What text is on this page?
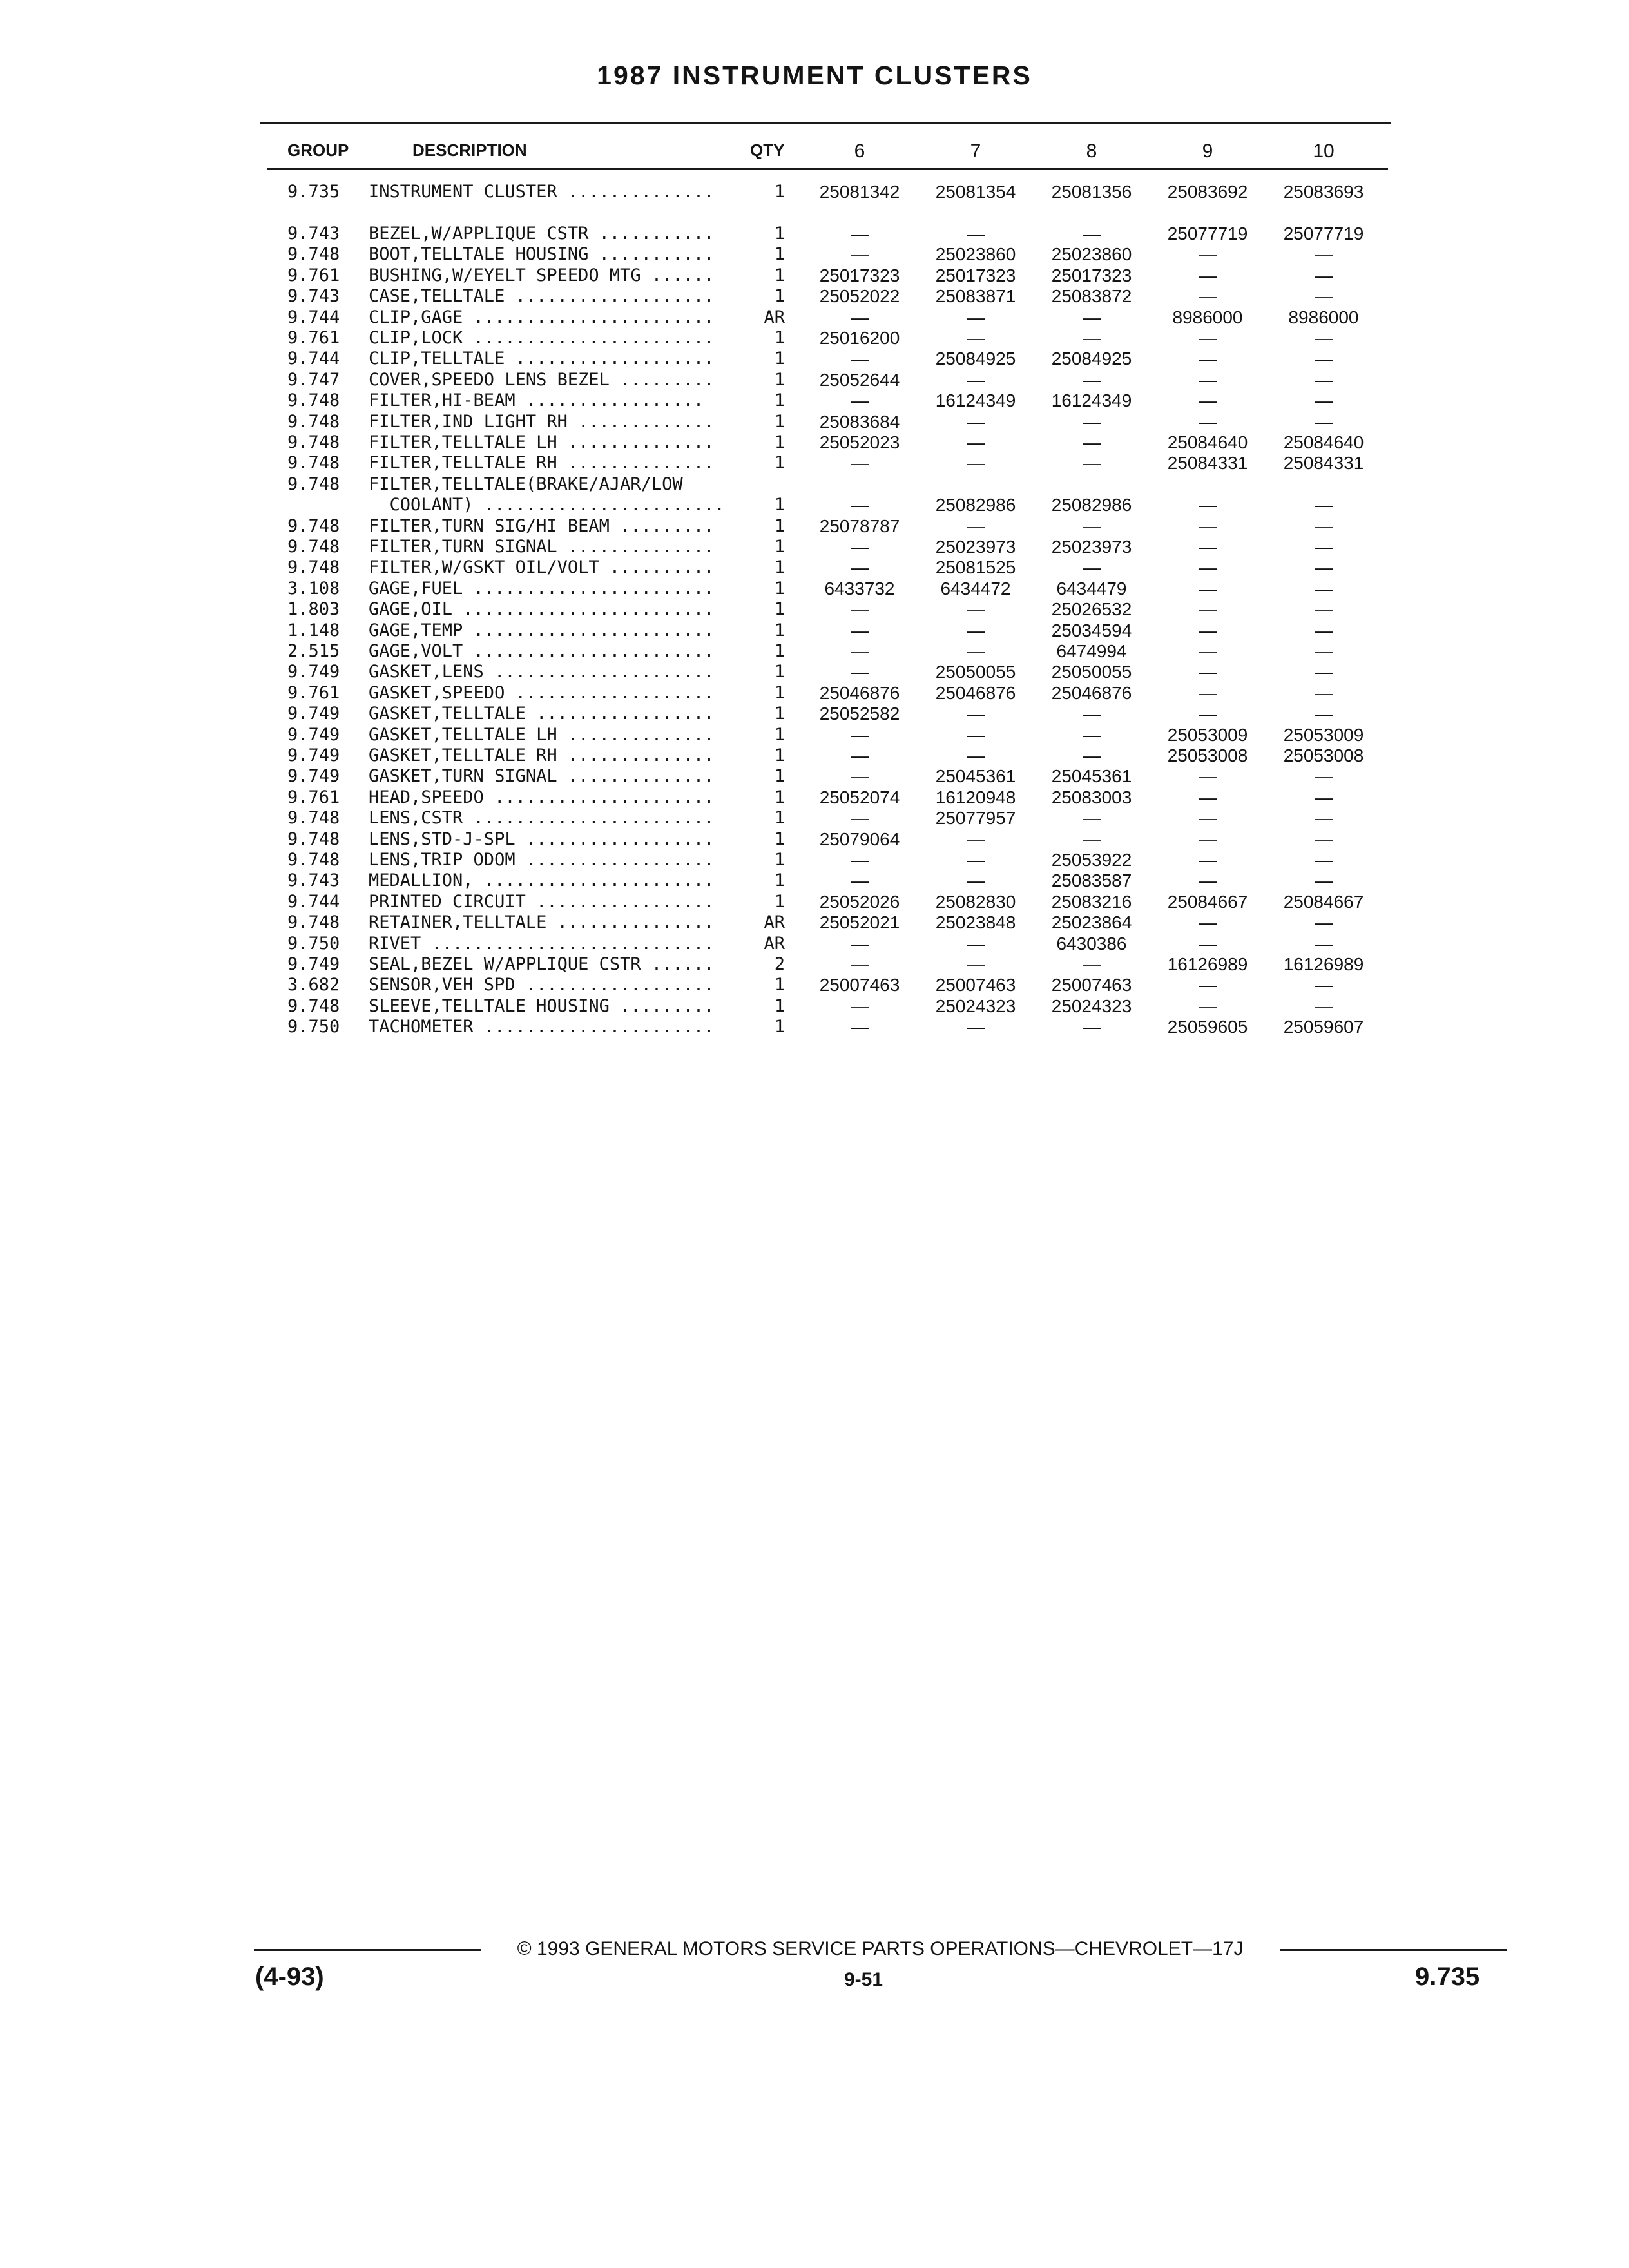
1987 INSTRUMENT CLUSTERS
GROUP	DESCRIPTION	QTY	6	7	8	9	10
9.735 INSTRUMENT CLUSTER ..............	1	25081342	25081354	25081356	25083692	25083693
9.743 BEZEL,W/APPLIQUE CSTR ...........	1	—	—	—	25077719	25077719
9.748 BOOT,TELLTALE HOUSING ...........	1	—	25023860	25023860	—	—
9.761 BUSHING,W/EYELT SPEEDO MTG ......	1	25017323	25017323	25017323	—	—
9.743 CASE,TELLTALE ...................	1	25052022	25083871	25083872	—	—
9.744 CLIP,GAGE .......................	AR	—	—	—	8986000	8986000
9.761 CLIP,LOCK .......................	1	25016200	—	—	—	—
9.744 CLIP,TELLTALE ...................	1	—	25084925	25084925	—	—
9.747 COVER,SPEEDO LENS BEZEL .........	1	25052644	—	—	—	—
9.748 FILTER,HI-BEAM .................	1	—	16124349	16124349	—	—
9.748 FILTER,IND LIGHT RH .............	1	25083684	—	—	—	—
9.748 FILTER,TELLTALE LH ..............	1	25052023	—	—	25084640	25084640
9.748 FILTER,TELLTALE RH ..............	1	—	—	—	25084331	25084331
9.748 FILTER,TELLTALE(BRAKE/AJAR/LOW
COOLANT) .......................	1	—	25082986	25082986	—	—
9.748 FILTER,TURN SIG/HI BEAM .........	1	25078787	—	—	—	—
9.748 FILTER,TURN SIGNAL ..............	1	—	25023973	25023973	—	—
9.748 FILTER,W/GSKT OIL/VOLT ..........	1	—	25081525	—	—	—
3.108 GAGE,FUEL .......................	1	6433732	6434472	6434479	—	—
1.803 GAGE,OIL ........................	1	—	—	25026532	—	—
1.148 GAGE,TEMP .......................	1	—	—	25034594	—	—
2.515 GAGE,VOLT .......................	1	—	—	6474994	—	—
9.749 GASKET,LENS .....................	1	—	25050055	25050055	—	—
9.761 GASKET,SPEEDO ...................	1	25046876	25046876	25046876	—	—
9.749 GASKET,TELLTALE .................	1	25052582	—	—	—	—
9.749 GASKET,TELLTALE LH ..............	1	—	—	—	25053009	25053009
9.749 GASKET,TELLTALE RH ..............	1	—	—	—	25053008	25053008
9.749 GASKET,TURN SIGNAL ..............	1	—	25045361	25045361	—	—
9.761 HEAD,SPEEDO .....................	1	25052074	16120948	25083003	—	—
9.748 LENS,CSTR .......................	1	—	25077957	—	—	—
9.748 LENS,STD-J-SPL ..................	1	25079064	—	—	—	—
9.748 LENS,TRIP ODOM ..................	1	—	—	25053922	—	—
9.743 MEDALLION, ......................	1	—	—	25083587	—	—
9.744 PRINTED CIRCUIT .................	1	25052026	25082830	25083216	25084667	25084667
9.748 RETAINER,TELLTALE ...............	AR	25052021	25023848	25023864	—	—
9.750 RIVET ...........................	AR	—	—	6430386	—	—
9.749 SEAL,BEZEL W/APPLIQUE CSTR ......	2	—	—	—	16126989	16126989
3.682 SENSOR,VEH SPD ..................	1	25007463	25007463	25007463	—	—
9.748 SLEEVE,TELLTALE HOUSING .........	1	—	25024323	25024323	—	—
9.750 TACHOMETER ......................	1	—	—	—	25059605	25059607
© 1993 GENERAL MOTORS SERVICE PARTS OPERATIONS—CHEVROLET—17J
(4-93)	9-51	9.735
